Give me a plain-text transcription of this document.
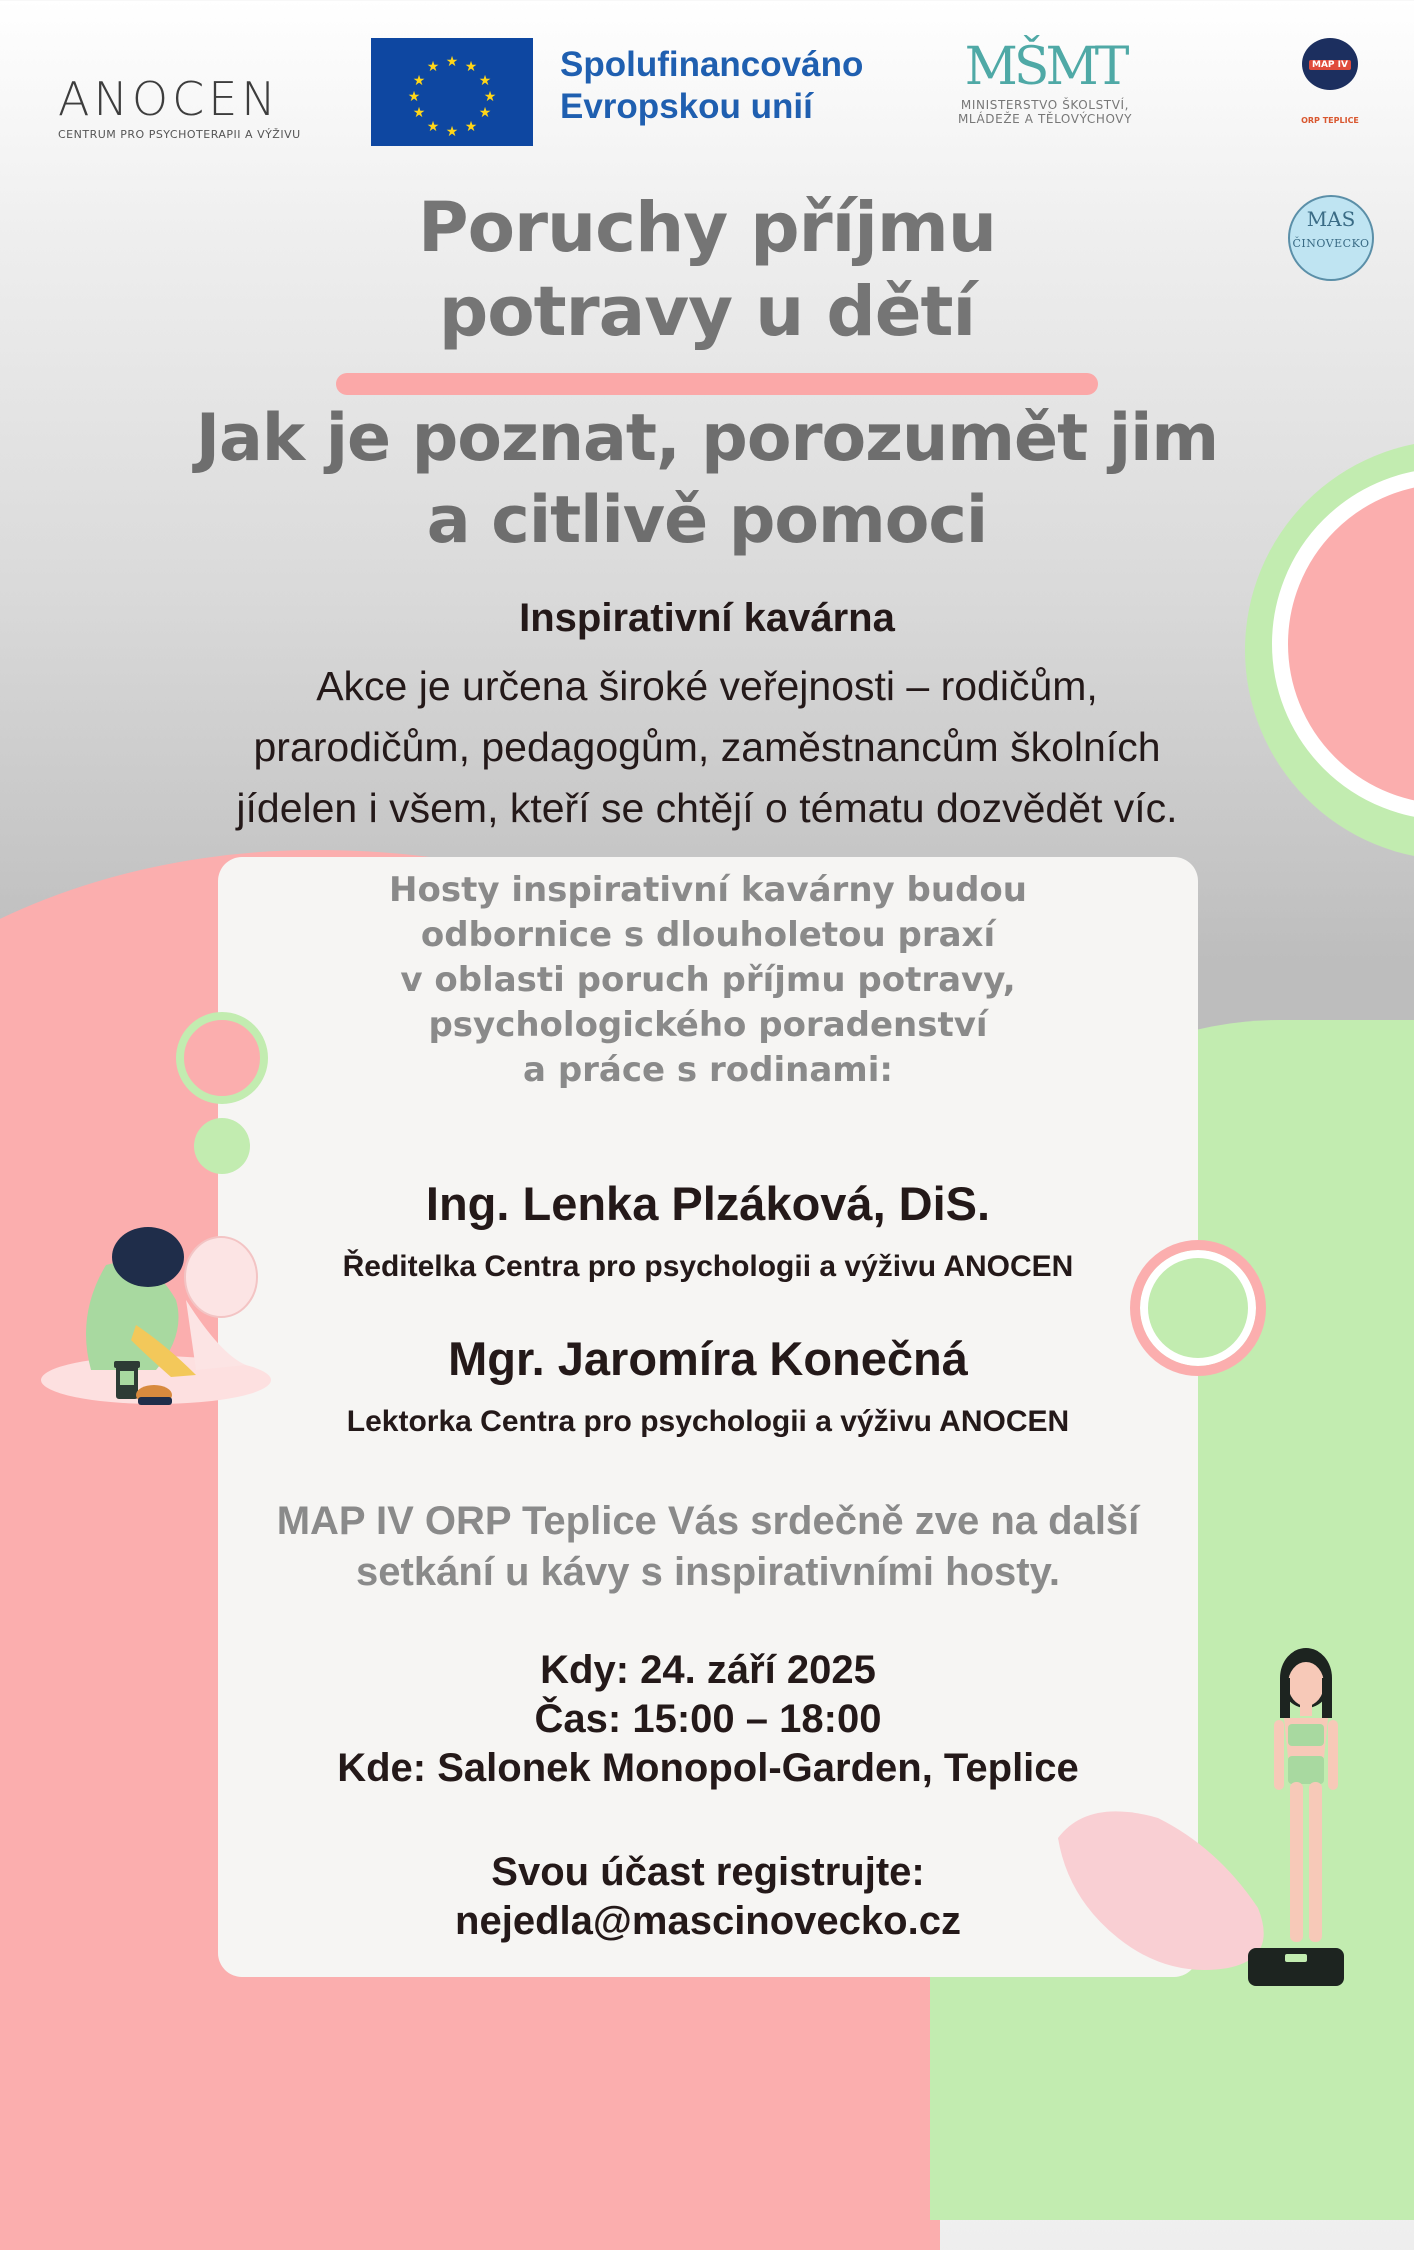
ANOCEN
CENTRUM PRO PSYCHOTERAPII A VÝŽIVU
★ ★
★
★
★
★
★
★
★
★
★
★	Spolufinancováno
Evropskou unií
MŠMT
MINISTERSTVO ŠKOLSTVÍ,
MLÁDEŽE A TĚLOVÝCHOVY
MAP IV
ORP TEPLICE
MAS
ČINOVECKO
Poruchy příjmu
potravy u dětí
Jak je poznat, porozumět jim
a citlivě pomoci
Inspirativní kavárna
Akce je určena široké veřejnosti – rodičům,
prarodičům, pedagogům, zaměstnancům školních
jídelen i všem, kteří se chtějí o tématu dozvědět víc.
Hosty inspirativní kavárny budou
odbornice s dlouholetou praxí
v oblasti poruch příjmu potravy,
psychologického poradenství
a práce s rodinami:
Ing. Lenka Plzáková, DiS.
Ředitelka Centra pro psychologii a výživu ANOCEN
Mgr. Jaromíra Konečná
Lektorka Centra pro psychologii a výživu ANOCEN
MAP IV ORP Teplice Vás srdečně zve na další
setkání u kávy s inspirativními hosty.
Kdy: 24. září 2025
Čas: 15:00 – 18:00
Kde: Salonek Monopol-Garden, Teplice
Svou účast registrujte:
nejedla@mascinovecko.cz
